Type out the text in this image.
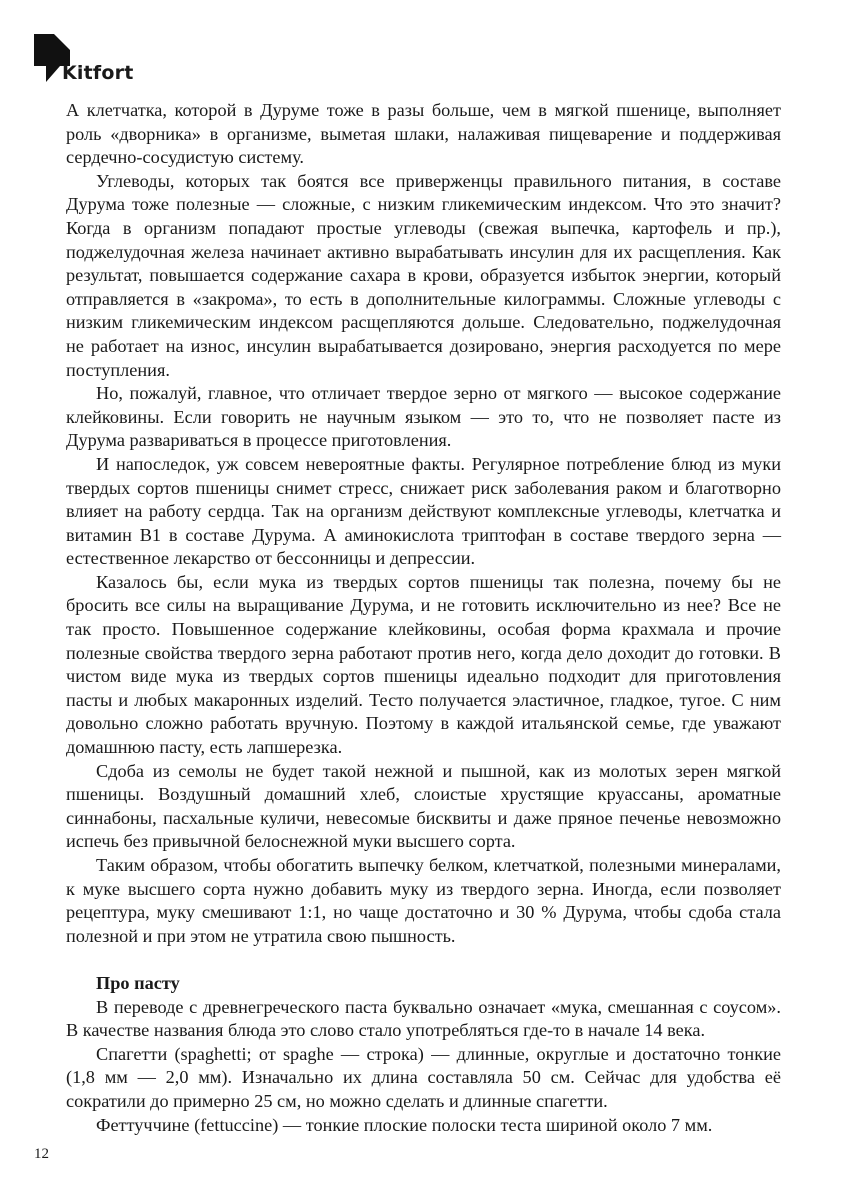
Kitfort

А клетчатка, которой в Дуруме тоже в разы больше, чем в мягкой пшенице, выполняет роль «дворника» в организме, выметая шлаки, налаживая пищеварение и поддерживая сердечно-сосудистую систему.

Углеводы, которых так боятся все приверженцы правильного питания, в составе Дурума тоже полезные — сложные, с низким гликемическим индексом. Что это значит? Когда в организм попадают простые углеводы (свежая выпечка, картофель и пр.), поджелудочная железа начинает активно вырабатывать инсулин для их расщепления. Как результат, повышается содержание сахара в крови, образуется избыток энергии, который отправляется в «закрома», то есть в дополнительные килограммы. Сложные углеводы с низким гликемическим индексом расщепляются дольше. Следовательно, поджелудочная не работает на износ, инсулин вырабатывается дозировано, энергия расходуется по мере поступления.

Но, пожалуй, главное, что отличает твердое зерно от мягкого — высокое содержание клейковины. Если говорить не научным языком — это то, что не позволяет пасте из Дурума развариваться в процессе приготовления.

И напоследок, уж совсем невероятные факты. Регулярное потребление блюд из муки твердых сортов пшеницы снимет стресс, снижает риск заболевания раком и благотворно влияет на работу сердца. Так на организм действуют комплексные углеводы, клетчатка и витамин B1 в составе Дурума. А аминокислота триптофан в составе твердого зерна — естественное лекарство от бессонницы и депрессии.

Казалось бы, если мука из твердых сортов пшеницы так полезна, почему бы не бросить все силы на выращивание Дурума, и не готовить исключительно из нее? Все не так просто. Повышенное содержание клейковины, особая форма крахмала и прочие полезные свойства твердого зерна работают против него, когда дело доходит до готовки. В чистом виде мука из твердых сортов пшеницы идеально подходит для приготовления пасты и любых макаронных изделий. Тесто получается эластичное, гладкое, тугое. С ним довольно сложно работать вручную. Поэтому в каждой итальянской семье, где уважают домашнюю пасту, есть лапшерезка.

Сдоба из семолы не будет такой нежной и пышной, как из молотых зерен мягкой пшеницы. Воздушный домашний хлеб, слоистые хрустящие круассаны, ароматные синнабоны, пасхальные куличи, невесомые бисквиты и даже пряное печенье невозможно испечь без привычной белоснежной муки высшего сорта.

Таким образом, чтобы обогатить выпечку белком, клетчаткой, полезными минералами, к муке высшего сорта нужно добавить муку из твердого зерна. Иногда, если позволяет рецептура, муку смешивают 1:1, но чаще достаточно и 30 % Дурума, чтобы сдоба стала полезной и при этом не утратила свою пышность.

Про пасту

В переводе с древнегреческого паста буквально означает «мука, смешанная с соусом». В качестве названия блюда это слово стало употребляться где-то в начале 14 века.

Спагетти (spaghetti; от spaghe — строка) — длинные, округлые и достаточно тонкие (1,8 мм — 2,0 мм). Изначально их длина составляла 50 см. Сейчас для удобства её сократили до примерно 25 см, но можно сделать и длинные спагетти.

Феттуччине (fettuccine) — тонкие плоские полоски теста шириной около 7 мм.

12
